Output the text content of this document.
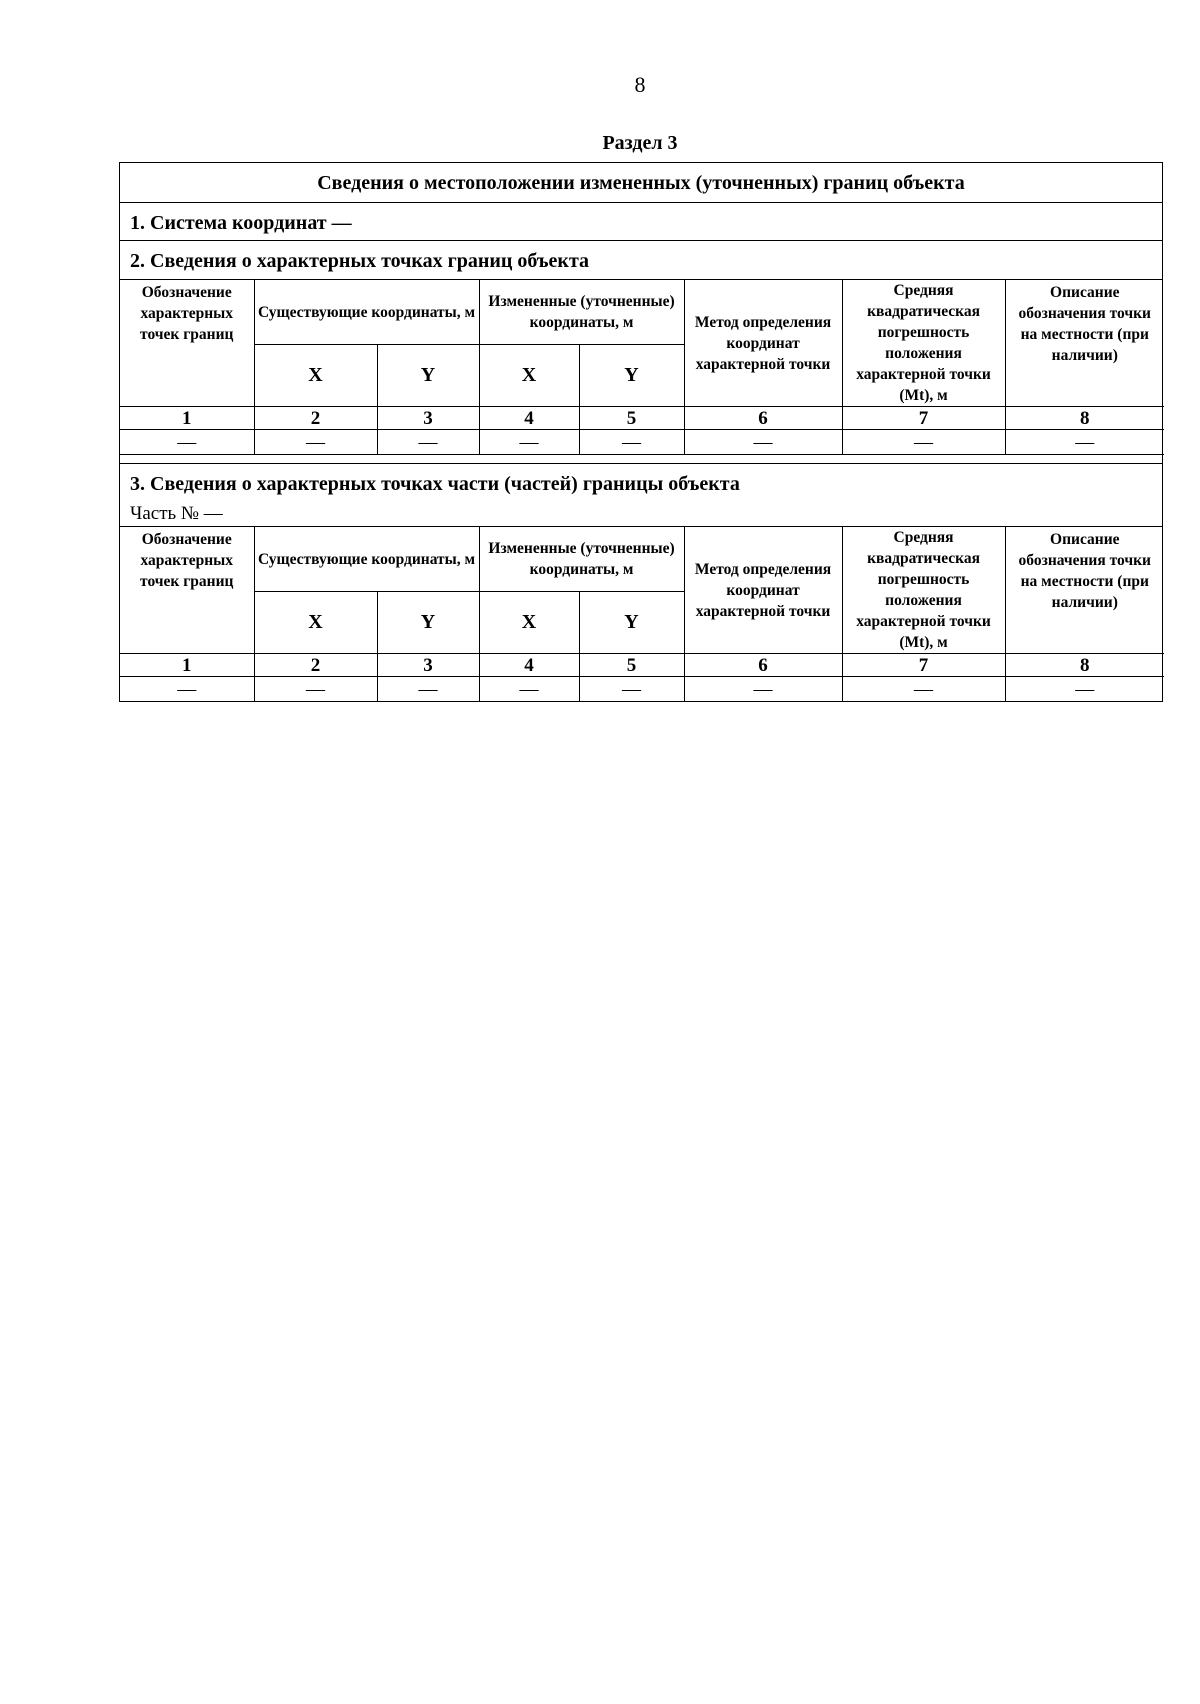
8
Раздел 3
Сведения о местоположении измененных (уточненных) границ объекта
1. Система координат —
2. Сведения о характерных точках границ объекта
Обозначение характерных точек границ	Существующие координаты, м		Измененные (уточненные) координаты, м		Метод определения координат характерной точки	Средняя квадратическая погрешность положения характерной точки (Mt), м	Описание обозначения точки на местности (при наличии)
	X	Y	X	Y			
1	2	3	4	5	6	7	8
—	—	—	—	—	—	—	—
3. Сведения о характерных точках части (частей) границы объекта
Часть № —
Обозначение характерных точек границ	Существующие координаты, м		Измененные (уточненные) координаты, м		Метод определения координат характерной точки	Средняя квадратическая погрешность положения характерной точки (Mt), м	Описание обозначения точки на местности (при наличии)
	X	Y	X	Y			
1	2	3	4	5	6	7	8
—	—	—	—	—	—	—	—
